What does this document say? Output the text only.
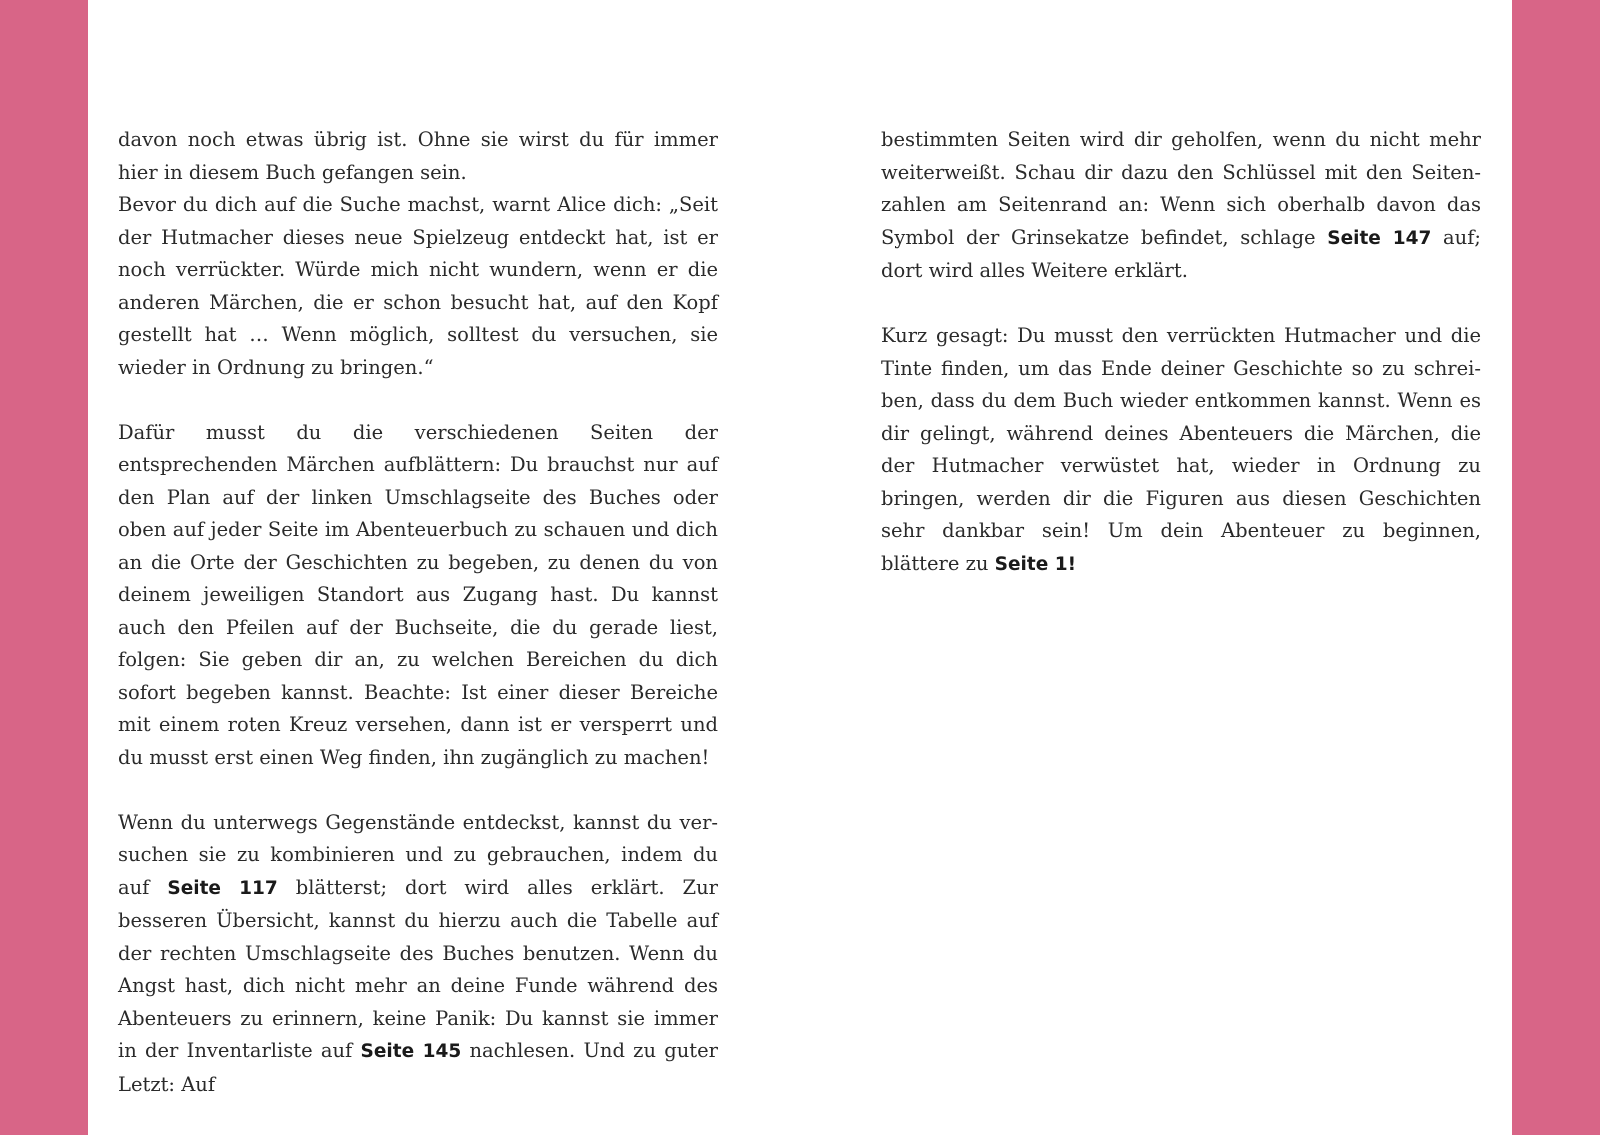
davon noch etwas übrig ist. Ohne sie wirst du für immer hier in diesem Buch gefangen sein.

Bevor du dich auf die Suche machst, warnt Alice dich: „Seit der Hutmacher dieses neue Spielzeug entdeckt hat, ist er noch verrückter. Würde mich nicht wundern, wenn er die anderen Märchen, die er schon besucht hat, auf den Kopf gestellt hat … Wenn möglich, solltest du versuchen, sie wieder in Ordnung zu bringen.“

Dafür musst du die verschiedenen Seiten der entsprechenden Märchen aufblättern: Du brauchst nur auf den Plan auf der linken Umschlagseite des Buches oder oben auf jeder Seite im Abenteuerbuch zu schauen und dich an die Orte der Geschichten zu begeben, zu denen du von deinem jeweiligen Standort aus Zugang hast. Du kannst auch den Pfeilen auf der Buchseite, die du gerade liest, folgen: Sie geben dir an, zu welchen Bereichen du dich sofort begeben kannst. Beachte: Ist einer dieser Bereiche mit einem roten Kreuz versehen, dann ist er versperrt und du musst erst einen Weg finden, ihn zugänglich zu machen!

Wenn du unterwegs Gegenstände entdeckst, kannst du versuchen sie zu kombinieren und zu gebrauchen, indem du auf Seite 117 blätterst; dort wird alles erklärt. Zur besseren Übersicht, kannst du hierzu auch die Tabelle auf der rechten Umschlagseite des Buches benutzen. Wenn du Angst hast, dich nicht mehr an deine Funde während des Abenteuers zu erinnern, keine Panik: Du kannst sie immer in der Inventarliste auf Seite 145 nachlesen. Und zu guter Letzt: Auf

bestimmten Seiten wird dir geholfen, wenn du nicht mehr weiterweißt. Schau dir dazu den Schlüssel mit den Seitenzahlen am Seitenrand an: Wenn sich oberhalb davon das Symbol der Grinsekatze befindet, schlage Seite 147 auf; dort wird alles Weitere erklärt.

Kurz gesagt: Du musst den verrückten Hutmacher und die Tinte finden, um das Ende deiner Geschichte so zu schreiben, dass du dem Buch wieder entkommen kannst. Wenn es dir gelingt, während deines Abenteuers die Märchen, die der Hutmacher verwüstet hat, wieder in Ordnung zu bringen, werden dir die Figuren aus diesen Geschichten sehr dankbar sein! Um dein Abenteuer zu beginnen, blättere zu Seite 1!
